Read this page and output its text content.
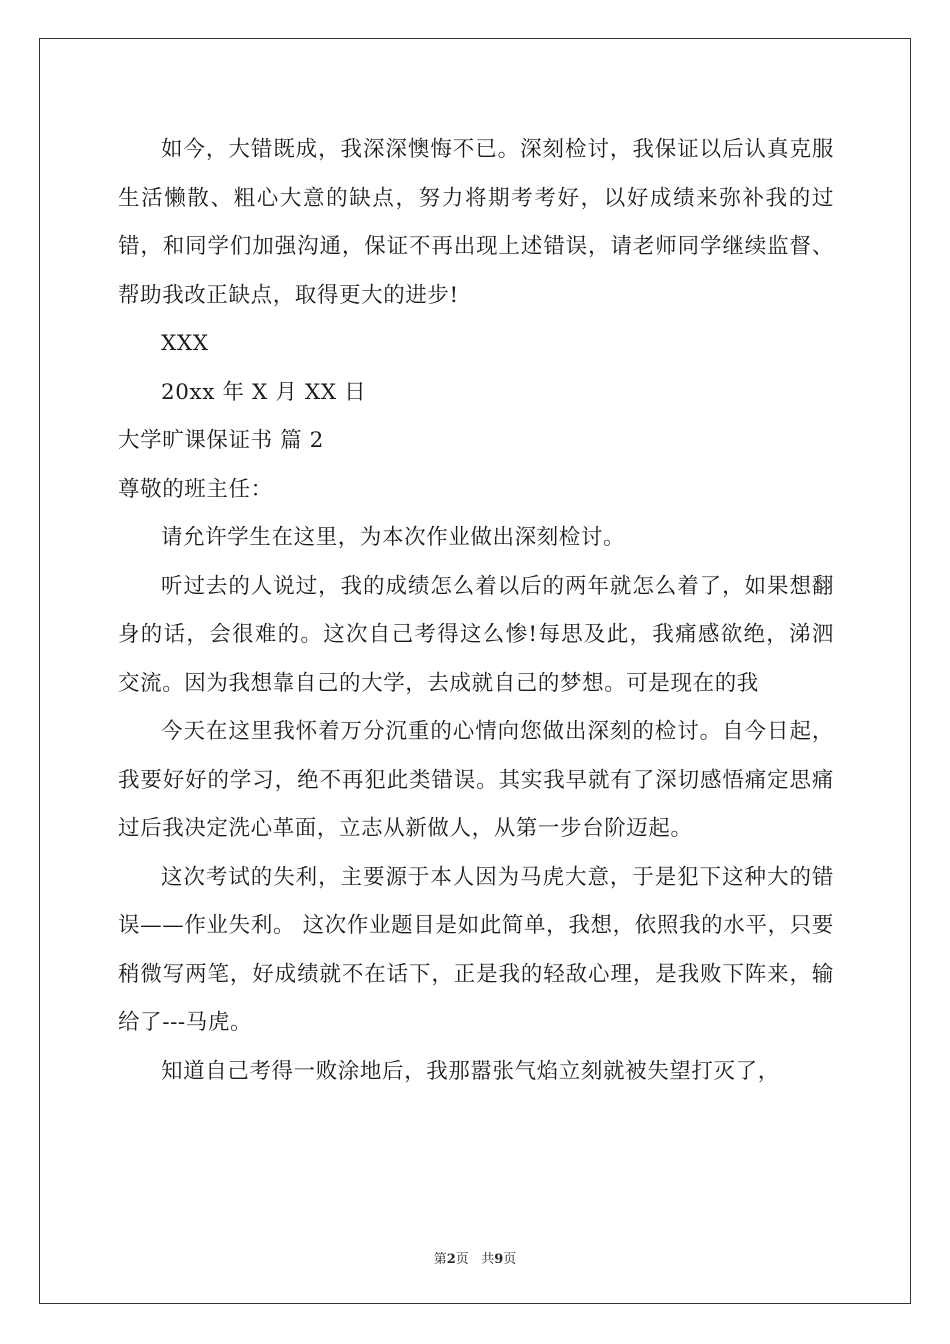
如今，大错既成，我深深懊悔不已。深刻检讨，我保证以后认真克服生活懒散、粗心大意的缺点，努力将期考考好，以好成绩来弥补我的过错，和同学们加强沟通，保证不再出现上述错误，请老师同学继续监督、帮助我改正缺点，取得更大的进步!

XXX

20xx 年 X 月 XX 日

大学旷课保证书 篇 2

尊敬的班主任：

请允许学生在这里，为本次作业做出深刻检讨。

听过去的人说过，我的成绩怎么着以后的两年就怎么着了，如果想翻身的话，会很难的。这次自己考得这么惨!每思及此，我痛感欲绝，涕泗交流。因为我想靠自己的大学，去成就自己的梦想。可是现在的我

今天在这里我怀着万分沉重的心情向您做出深刻的检讨。自今日起，我要好好的学习，绝不再犯此类错误。其实我早就有了深切感悟痛定思痛过后我决定洗心革面，立志从新做人，从第一步台阶迈起。

这次考试的失利，主要源于本人因为马虎大意，于是犯下这种大的错误——作业失利。 这次作业题目是如此简单，我想，依照我的水平，只要稍微写两笔，好成绩就不在话下，正是我的轻敌心理，是我败下阵来，输给了---马虎。

知道自己考得一败涂地后，我那嚣张气焰立刻就被失望打灭了，

第2页 共9页
